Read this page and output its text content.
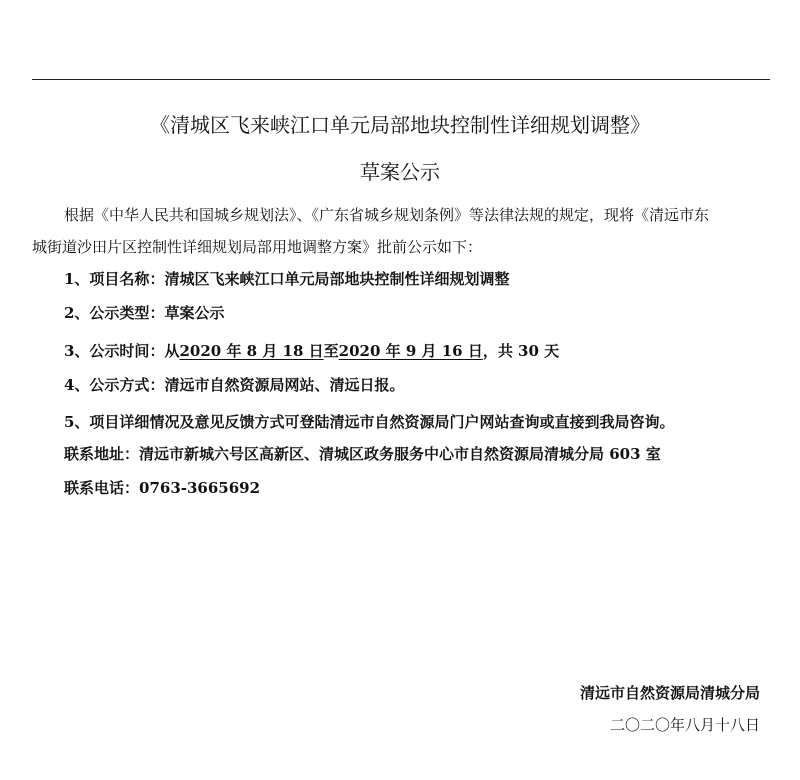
《清城区飞来峡江口单元局部地块控制性详细规划调整》
草案公示
根据《中华人民共和国城乡规划法》、《广东省城乡规划条例》等法律法规的规定，现将《清远市东
城街道沙田片区控制性详细规划局部用地调整方案》批前公示如下：
1、项目名称：清城区飞来峡江口单元局部地块控制性详细规划调整
2、公示类型：草案公示
3、公示时间：从2020 年 8 月 18 日至2020 年 9 月 16 日，共 30 天
4、公示方式：清远市自然资源局网站、清远日报。
5、项目详细情况及意见反馈方式可登陆清远市自然资源局门户网站查询或直接到我局咨询。
联系地址：清远市新城六号区高新区、清城区政务服务中心市自然资源局清城分局 603 室
联系电话：0763-3665692
清远市自然资源局清城分局
二〇二〇年八月十八日
